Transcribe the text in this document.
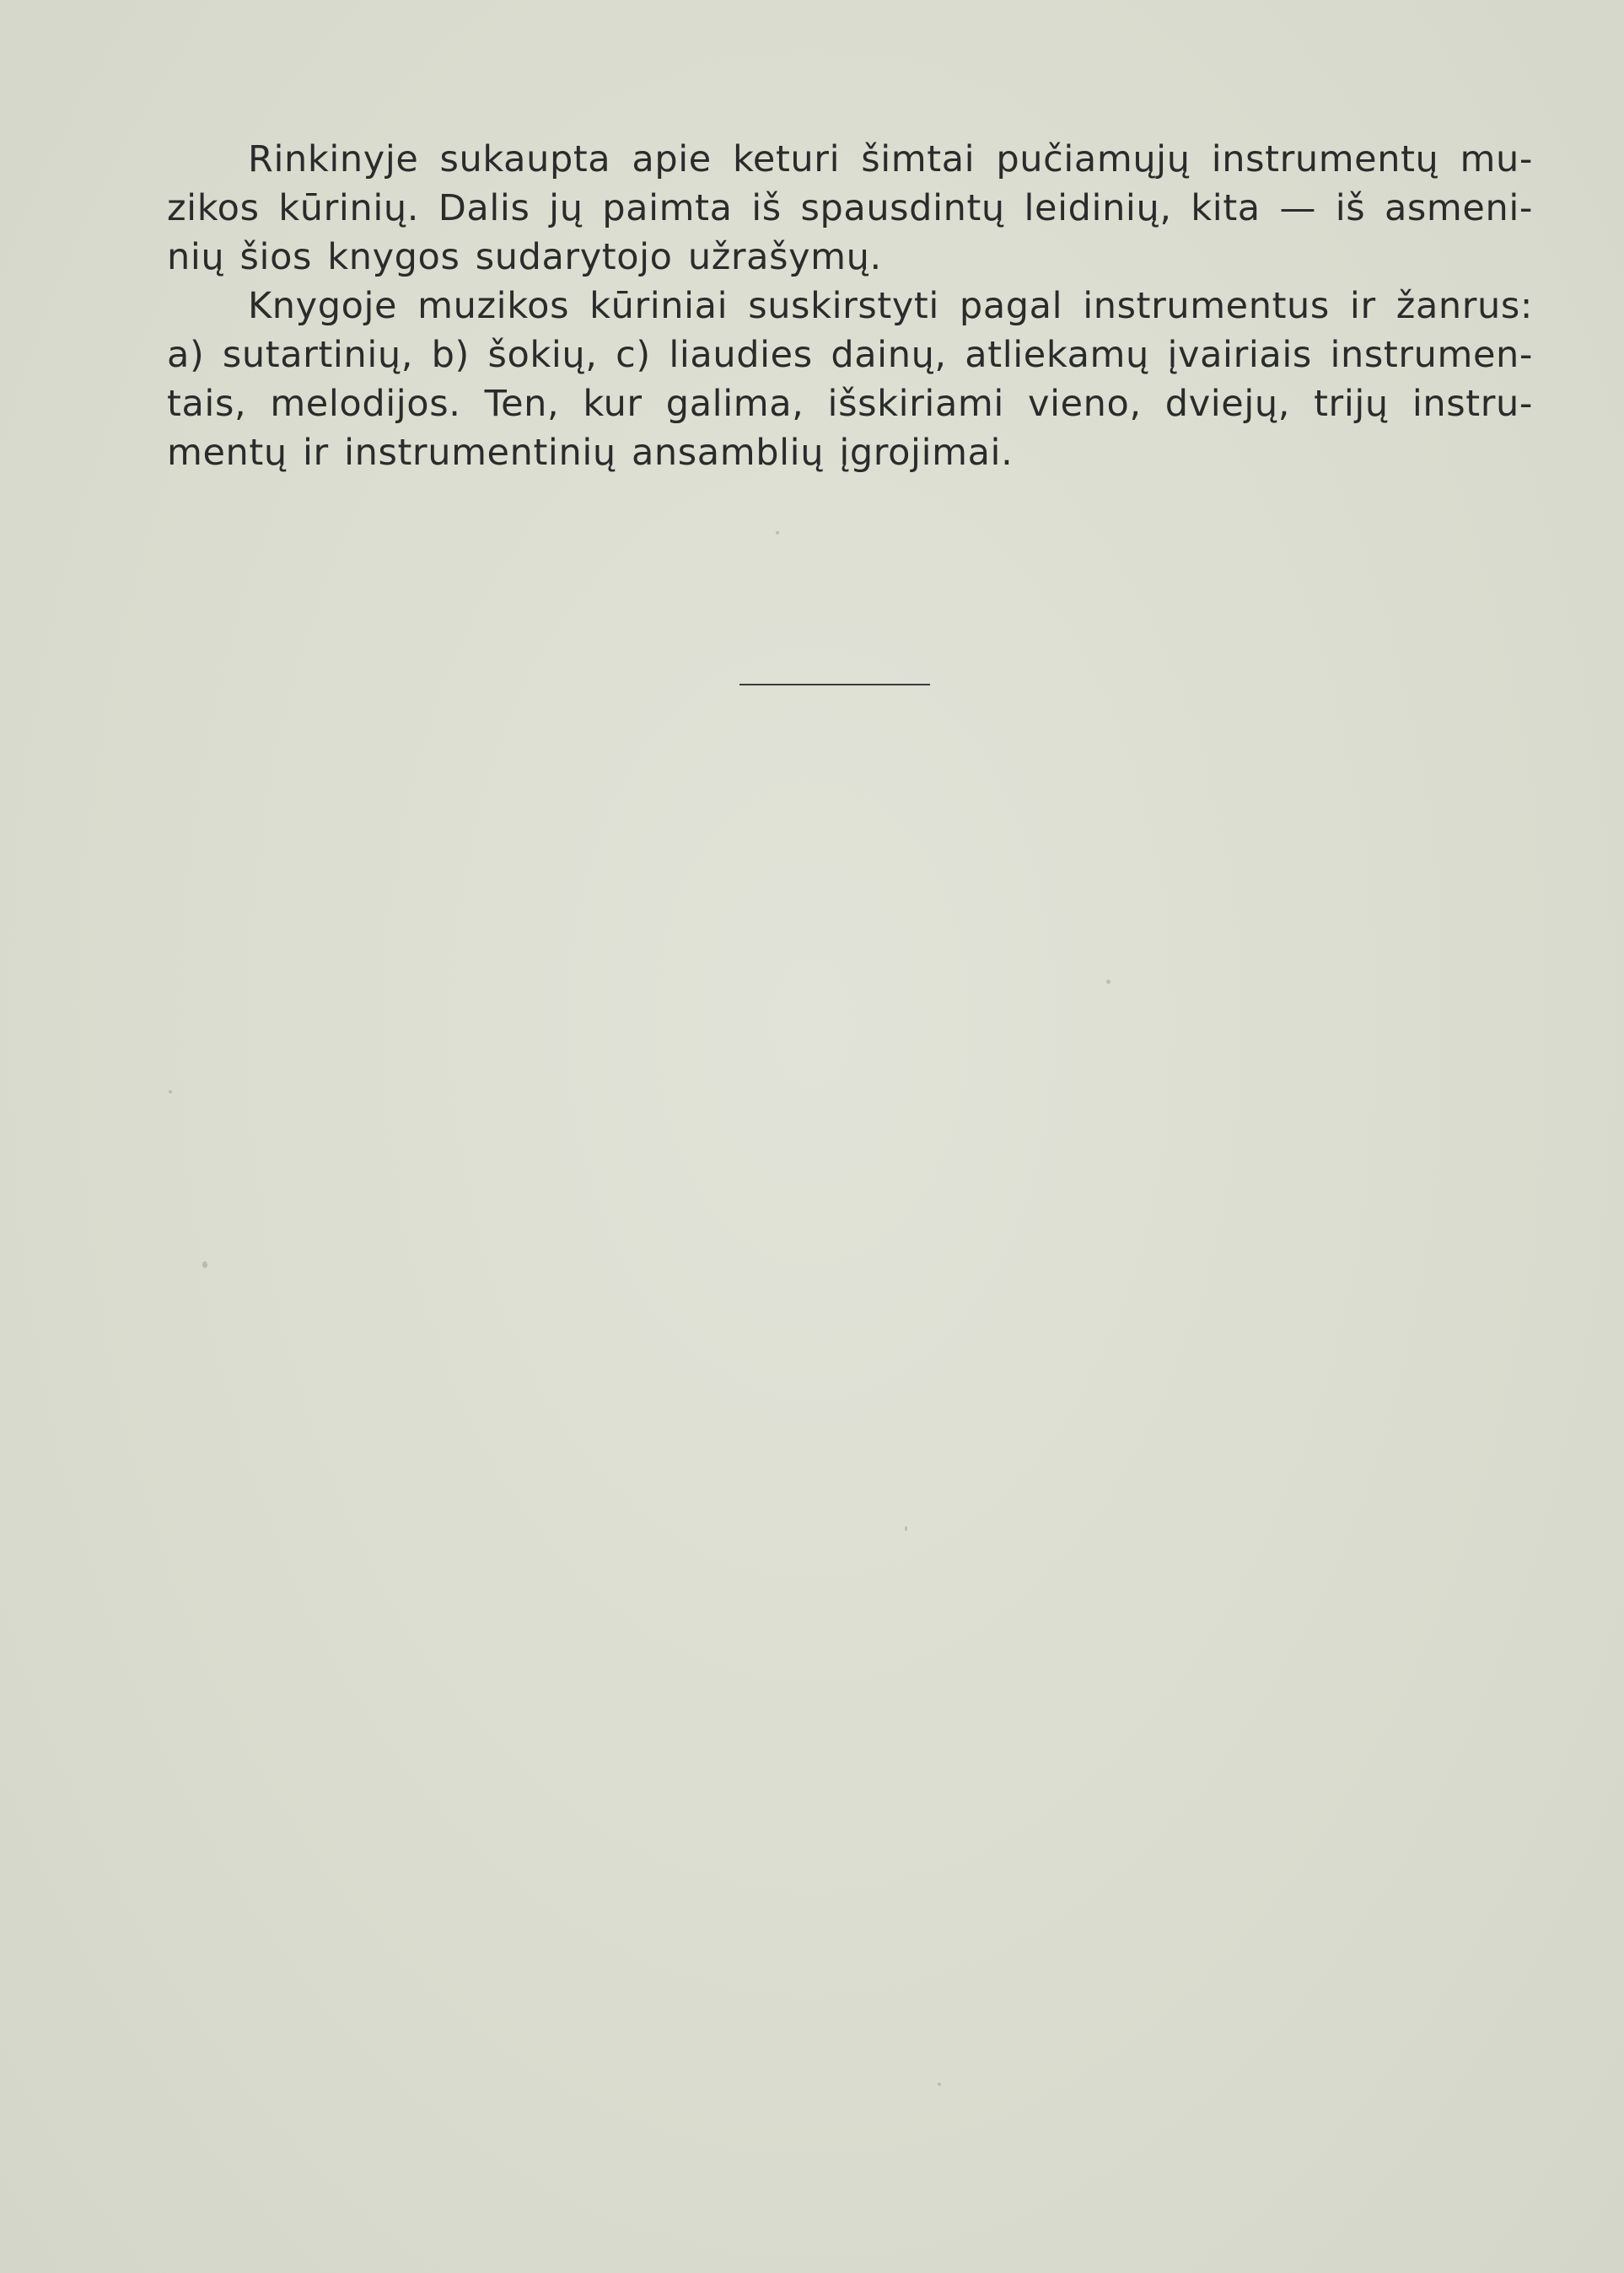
Rinkinyje sukaupta apie keturi šimtai pučiamųjų instrumentų mu-
zikos kūrinių. Dalis jų paimta iš spausdintų leidinių, kita — iš asmeni-
nių šios knygos sudarytojo užrašymų.
Knygoje muzikos kūriniai suskirstyti pagal instrumentus ir žanrus:
a) sutartinių, b) šokių, c) liaudies dainų, atliekamų įvairiais instrumen-
tais, melodijos. Ten, kur galima, išskiriami vieno, dviejų, trijų instru-
mentų ir instrumentinių ansamblių įgrojimai.
